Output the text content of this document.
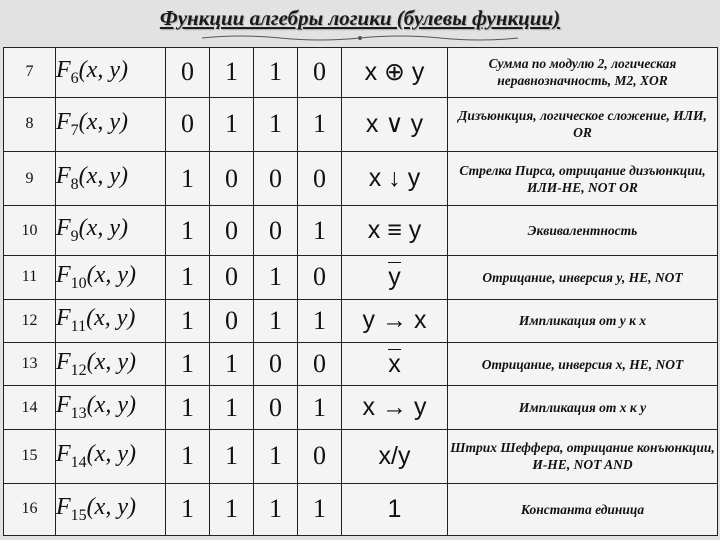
Функции алгебры логики (булевы функции)
7	$F_6(x$, y)	0	1	1	0	x ⊕ y	Сумма по модулю 2, логическая неравнозначность, M2, XOR
8	$F_7(x$, y)	0	1	1	1	x ∨ y	Дизъюнкция, логическое сложение, ИЛИ, OR
9	$F_8(x$, y)	1	0	0	0	x ↓ y	Стрелка Пирса, отрицание дизъюнкции, ИЛИ-НЕ, NOT OR
10	$F_9(x$, y)	1	0	0	1	x ≡ y	Эквивалентность
11	$F_{10}(x$, y)	1	0	1	0	y	Отрицание, инверсия y, НЕ, NOT
12	$F_{11}(x$, y)	1	0	1	1	y → x	Импликация от y к x
13	$F_{12}(x$, y)	1	1	0	0	x	Отрицание, инверсия x, НЕ, NOT
14	$F_{13}(x$, y)	1	1	0	1	x → y	Импликация от x к y
15	$F_{14}(x$, y)	1	1	1	0	x/y	Штрих Шеффера, отрицание конъюнкции, И-НЕ, NOT AND
16	$F_{15}(x$, y)	1	1	1	1	1	Константа единица
